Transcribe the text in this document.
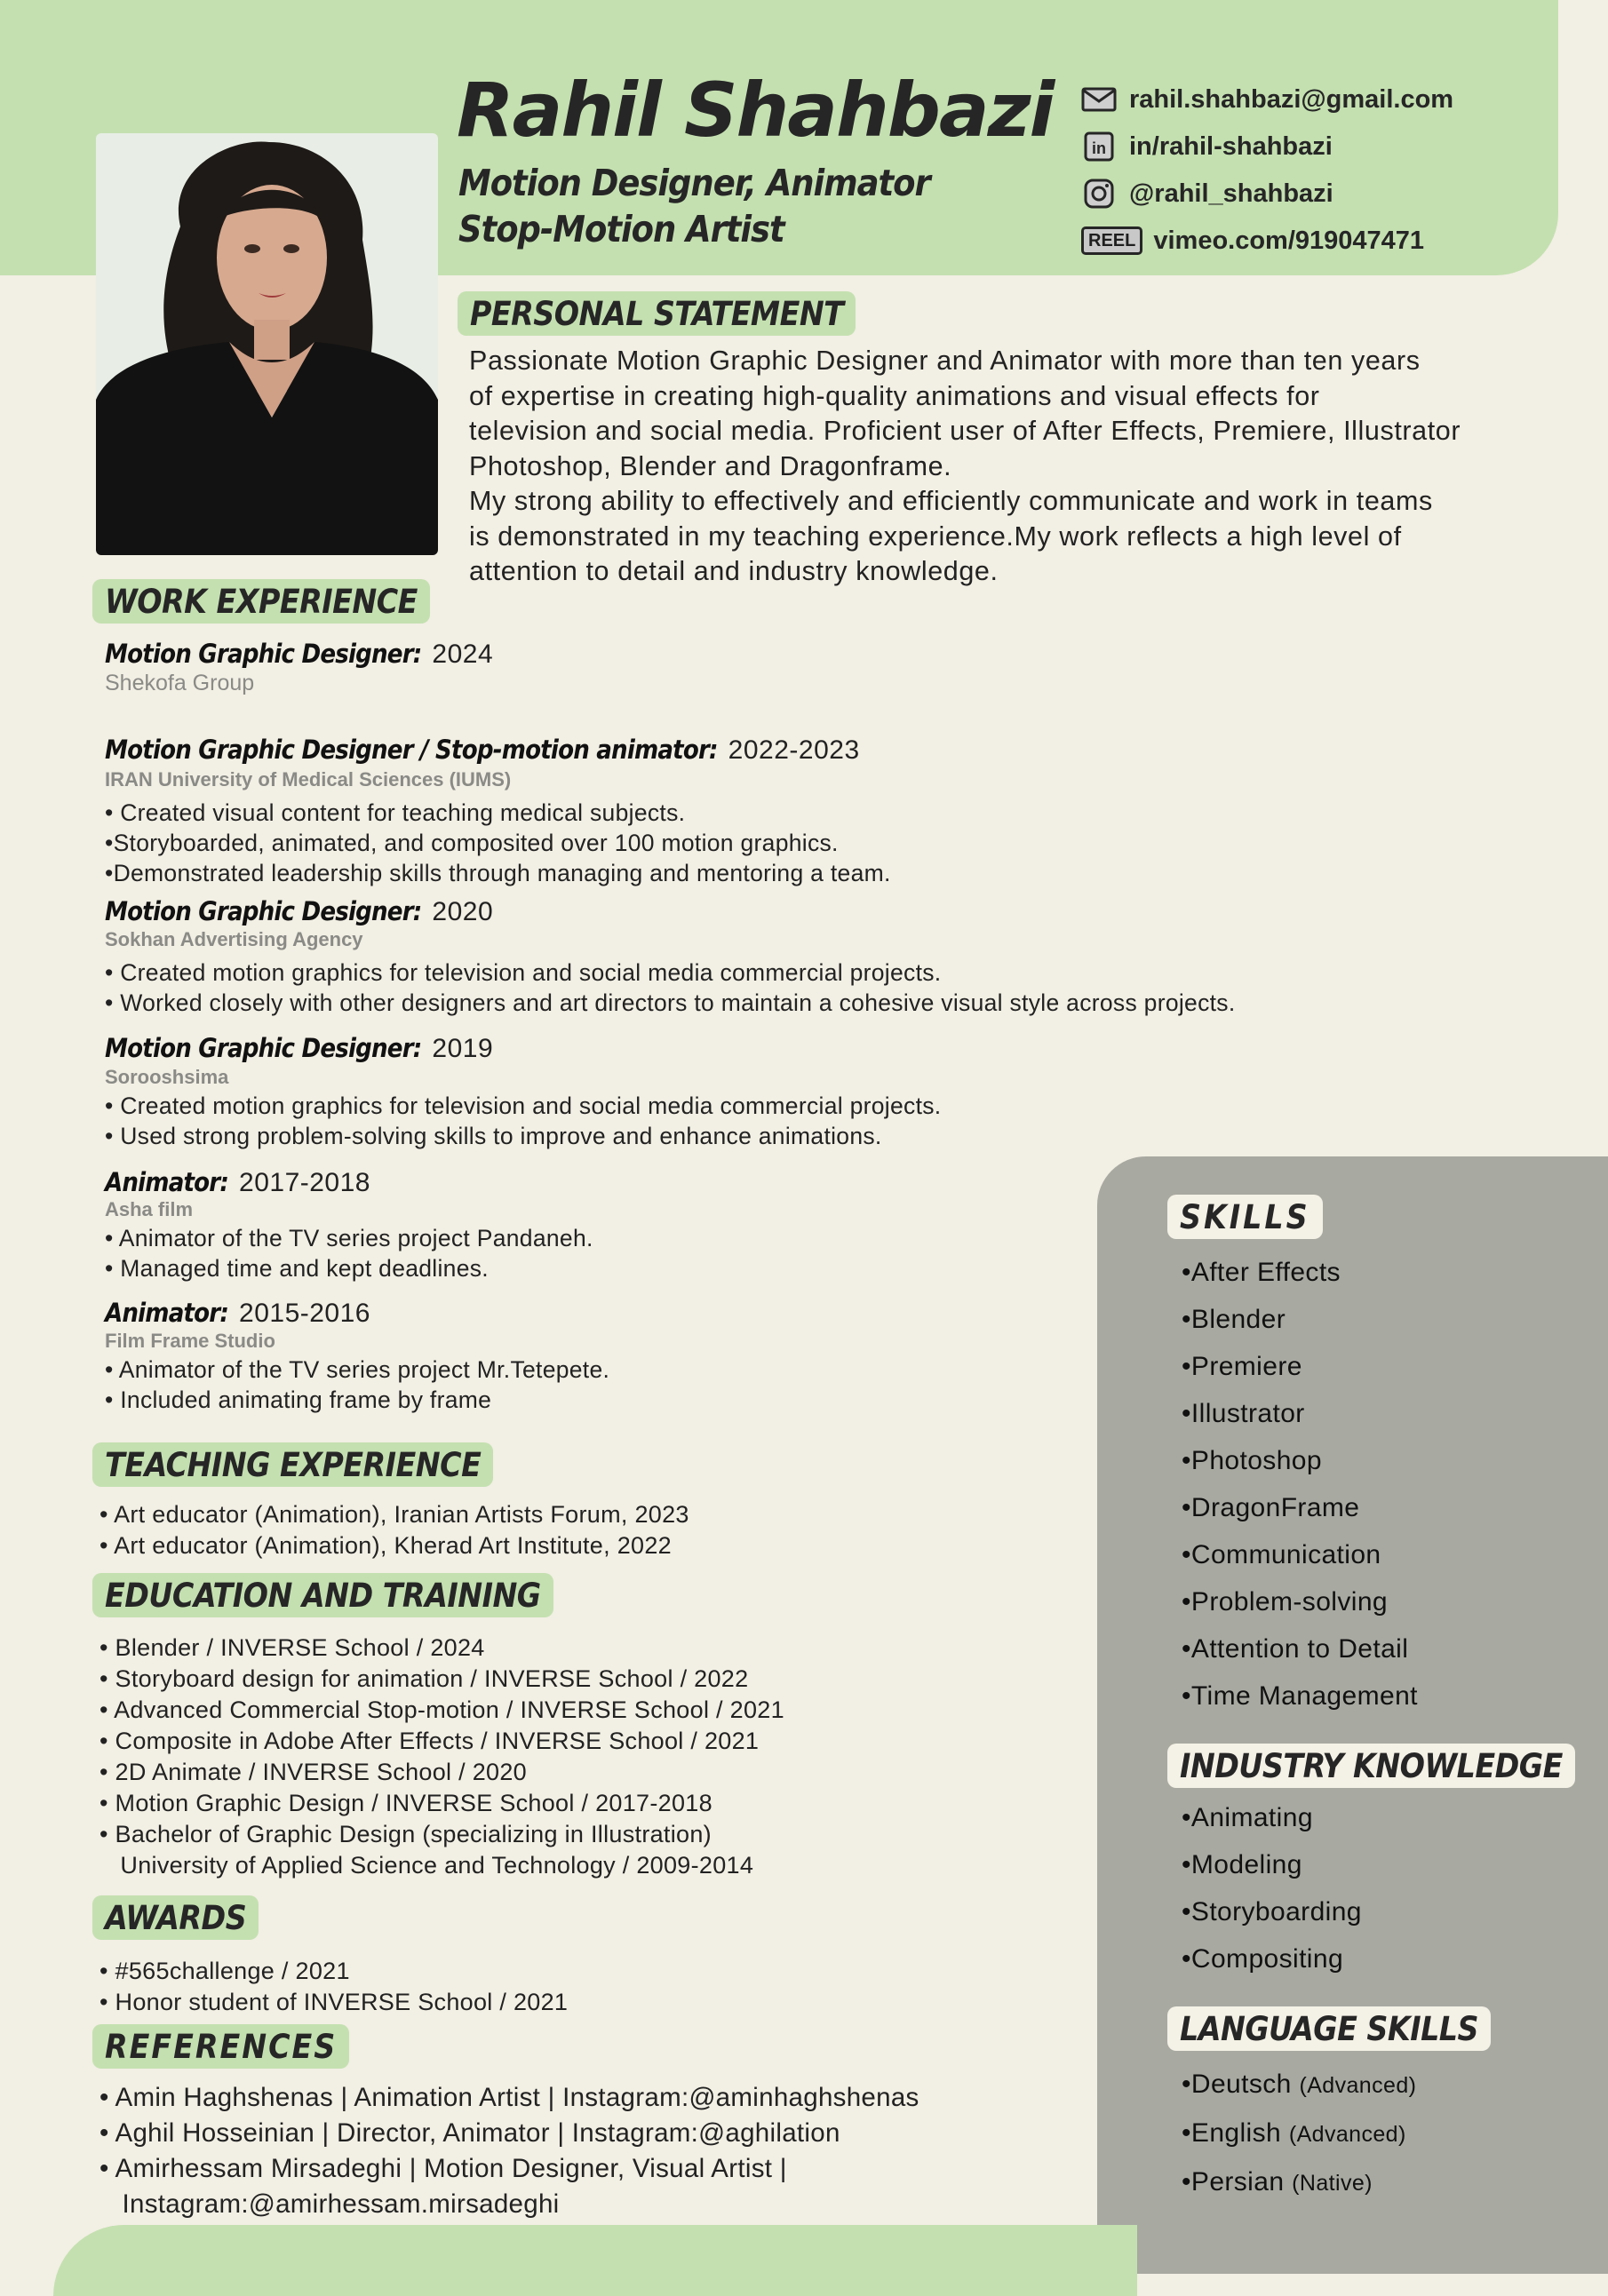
Rahil Shahbazi
Motion Designer, Animator
Stop-Motion Artist
rahil.shahbazi@gmail.com
in in/rahil-shahbazi
@rahil_shahbazi
REEL vimeo.com/919047471
PERSONAL STATEMENT
Passionate Motion Graphic Designer and Animator with more than ten years
of expertise in creating high-quality animations and visual effects for
television and social media. Proficient user of After Effects, Premiere, Illustrator
Photoshop, Blender and Dragonframe.
My strong ability to effectively and efficiently communicate and work in teams
is demonstrated in my teaching experience.My work reflects a high level of
attention to detail and industry knowledge.
WORK EXPERIENCE
Motion Graphic Designer: 2024
Shekofa Group
Motion Graphic Designer / Stop-motion animator: 2022-2023
IRAN University of Medical Sciences (IUMS)
• Created visual content for teaching medical subjects.
•Storyboarded, animated, and composited over 100 motion graphics.
•Demonstrated leadership skills through managing and mentoring a team.
Motion Graphic Designer: 2020
Sokhan Advertising Agency
• Created motion graphics for television and social media commercial projects.
• Worked closely with other designers and art directors to maintain a cohesive visual style across projects.
Motion Graphic Designer: 2019
Sorooshsima
• Created motion graphics for television and social media commercial projects.
• Used strong problem-solving skills to improve and enhance animations.
Animator: 2017-2018
Asha film
• Animator of the TV series project Pandaneh.
• Managed time and kept deadlines.
Animator: 2015-2016
Film Frame Studio
• Animator of the TV series project Mr.Tetepete.
• Included animating frame by frame
TEACHING EXPERIENCE
• Art educator (Animation), Iranian Artists Forum, 2023
• Art educator (Animation), Kherad Art Institute, 2022
EDUCATION AND TRAINING
• Blender / INVERSE School / 2024
• Storyboard design for animation / INVERSE School / 2022
• Advanced Commercial Stop-motion / INVERSE School / 2021
• Composite in Adobe After Effects / INVERSE School / 2021
• 2D Animate / INVERSE School / 2020
• Motion Graphic Design / INVERSE School / 2017-2018
• Bachelor of Graphic Design (specializing in Illustration)
University of Applied Science and Technology / 2009-2014
AWARDS
• #565challenge / 2021
• Honor student of INVERSE School / 2021
REFERENCES
• Amin Haghshenas | Animation Artist | Instagram:@aminhaghshenas
• Aghil Hosseinian | Director, Animator | Instagram:@aghilation
• Amirhessam Mirsadeghi | Motion Designer, Visual Artist |
Instagram:@amirhessam.mirsadeghi
SKILLS
•After Effects
•Blender
•Premiere
•Illustrator
•Photoshop
•DragonFrame
•Communication
•Problem-solving
•Attention to Detail
•Time Management
INDUSTRY KNOWLEDGE
•Animating
•Modeling
•Storyboarding
•Compositing
LANGUAGE SKILLS
•Deutsch (Advanced)
•English (Advanced)
•Persian (Native)
